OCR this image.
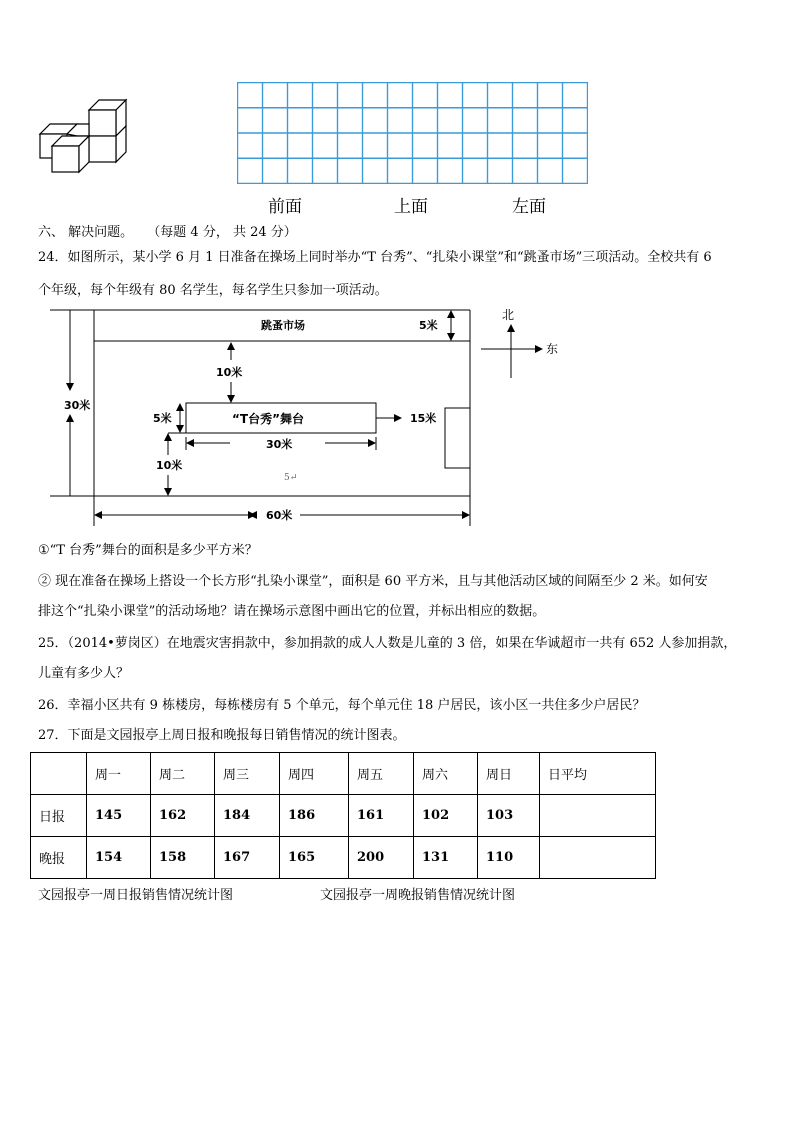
前面	上面	左面
六、 解决问题。 （每题 4 分， 共 24 分）
24．如图所示，某小学 6 月 1 日准备在操场上同时举办“T 台秀”、“扎染小课堂”和“跳蚤市场”三项活动。全校共有 6
个年级，每个年级有 80 名学生，每名学生只参加一项活动。
30米
跳蚤市场	5米
10米
“T台秀”舞台
5米
30米
15米
10米
5↵
60米
北
东
①“T 台秀”舞台的面积是多少平方米？
② 现在准备在操场上搭设一个长方形“扎染小课堂”，面积是 60 平方米，且与其他活动区域的间隔至少 2 米。如何安
排这个“扎染小课堂”的活动场地？请在操场示意图中画出它的位置，并标出相应的数据。
25．（2014•萝岗区）在地震灾害捐款中，参加捐款的成人人数是儿童的 3 倍，如果在华诚超市一共有 652 人参加捐款，
儿童有多少人？
26．幸福小区共有 9 栋楼房，每栋楼房有 5 个单元，每个单元住 18 户居民，该小区一共住多少户居民？
27．下面是文园报亭上周日报和晚报每日销售情况的统计图表。
	周一	周二	周三	周四	周五	周六	周日	日平均
日报	145	162	184	186	161	102	103	
晚报	154	158	167	165	200	131	110	
文园报亭一周日报销售情况统计图	文园报亭一周晚报销售情况统计图
